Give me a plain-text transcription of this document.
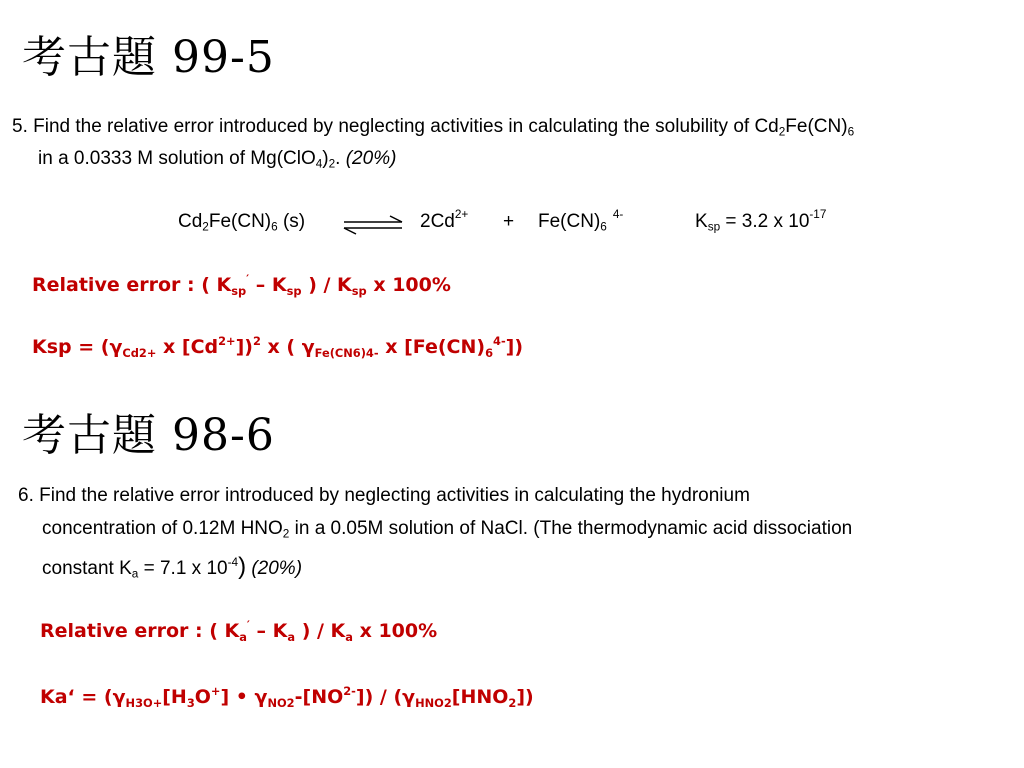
考古題 99-5
5. Find the relative error introduced by neglecting activities in calculating the solubility of $Cd_2Fe(CN)_6$
in a 0.0333 M solution of $Mg(ClO_4)_2$. (20%)
$Cd_2Fe(CN)_6$ (s) ⇌ $2Cd^{2+} + Fe(CN)_6^{4-}$	$K_{sp} = 3.2$ x $10^{-17}$
Relative error : ( $K_{sp}' - K_{sp}$ ) / $K_{sp}$ x 100%
Ksp = ($\gamma_{Cd2+}$ x $[Cd^{2+}])^2$ x ( $\gamma_{Fe(CN6)4-}$ x $[Fe(CN)_6^{4-}]$)
考古題 98-6
6. Find the relative error introduced by neglecting activities in calculating the hydronium
concentration of 0.12M $HNO_2$ in a 0.05M solution of NaCl. (The thermodynamic acid dissociation
constant $K_a = 7.1$ x $10^{-4}$) (20%)
Relative error : ( $K_a' - K_a$ ) / $K_a$ x 100%
Ka‘ = ($\gamma_{H3O+}[H_3O^+]$ • $\gamma_{NO2}-[NO^{2-}]) / (\gamma_{HNO2}[HNO_2])$
